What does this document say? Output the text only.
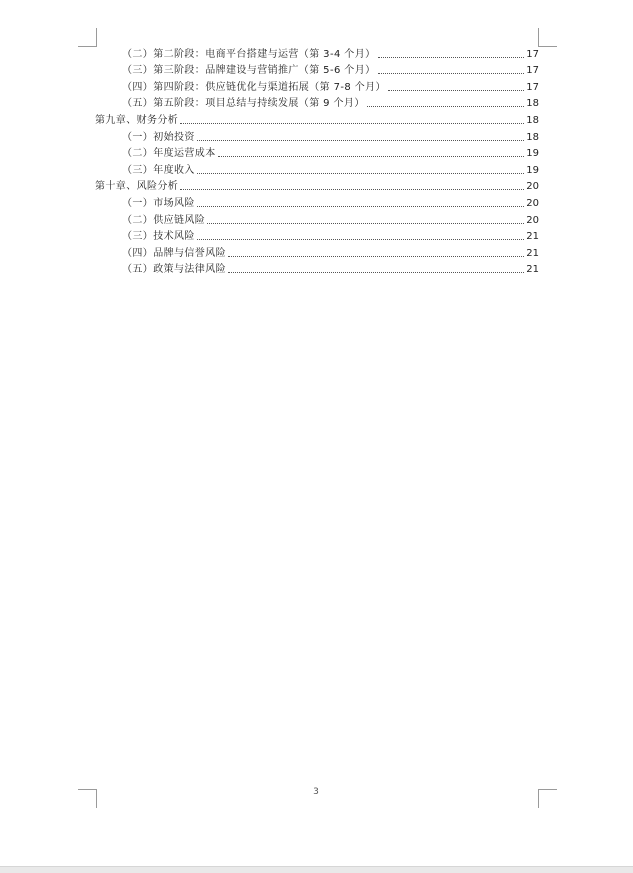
（二）第二阶段：电商平台搭建与运营（第 3-4 个月）	17
（三）第三阶段：品牌建设与营销推广（第 5-6 个月）	17
（四）第四阶段：供应链优化与渠道拓展（第 7-8 个月）	17
（五）第五阶段：项目总结与持续发展（第 9 个月）	18
第九章、财务分析	18
（一）初始投资	18
（二）年度运营成本	19
（三）年度收入	19
第十章、风险分析	20
（一）市场风险	20
（二）供应链风险	20
（三）技术风险	21
（四）品牌与信誉风险	21
（五）政策与法律风险	21
3
